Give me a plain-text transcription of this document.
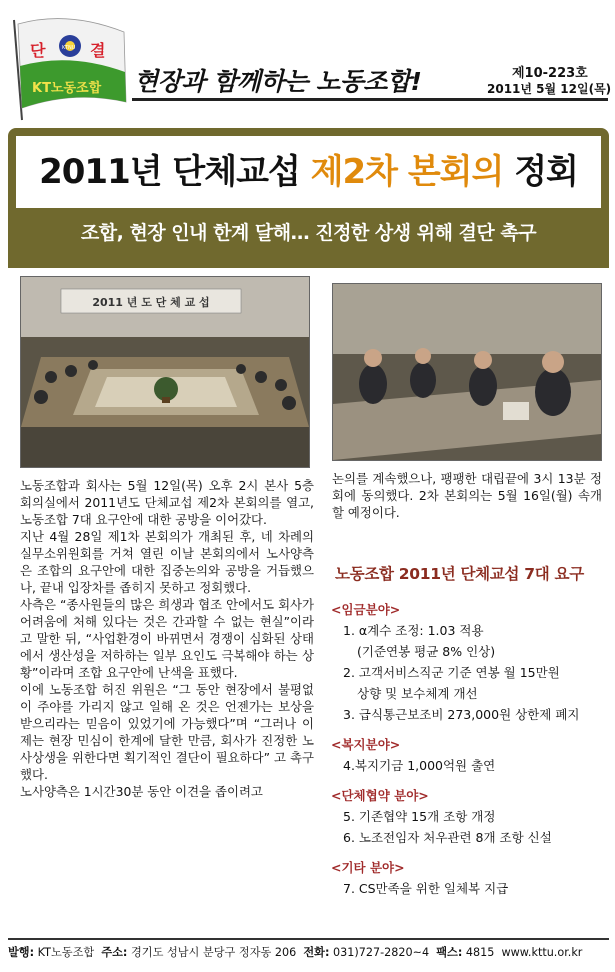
단	결
KTNU
KT노동조합 현장과 함께하는 노동조합!	제10-223호
2011년 5월 12일(목)
2011년 단체교섭 제2차 본회의 정회
조합, 현장 인내 한계 달해… 진정한 상생 위해 결단 촉구
2011 년 도 단 체 교 섭

노동조합과 회사는 5월 12일(목) 오후 2시 본사 5층 회의실에서 2011년도 단체교섭 제2차 본회의를 열고, 노동조합 7대 요구안에 대한 공방을 이어갔다.

지난 4월 28일 제1차 본회의가 개최된 후, 네 차례의 실무소위원회를 거쳐 열린 이날 본회의에서 노사양측은 조합의 요구안에 대한 집중논의와 공방을 거듭했으나, 끝내 입장차를 좁히지 못하고 정회했다.

사측은 “종사원들의 많은 희생과 협조 안에서도 회사가 어려움에 처해 있다는 것은 간과할 수 없는 현실”이라고 말한 뒤, “사업환경이 바뀌면서 경쟁이 심화된 상태에서 생산성을 저하하는 일부 요인도 극복해야 하는 상황”이라며 조합 요구안에 난색을 표했다.

이에 노동조합 허진 위원은 “그 동안 현장에서 불평없이 주야를 가리지 않고 일해 온 것은 언젠가는 보상을 받으리라는 믿음이 있었기에 가능했다”며 “그러나 이제는 현장 민심이 한계에 달한 만큼, 회사가 진정한 노사상생을 위한다면 획기적인 결단이 필요하다” 고 촉구했다.

노사양측은 1시간30분 동안 이견을 좁이려고

논의를 계속했으나, 팽팽한 대립끝에 3시 13분 정회에 동의했다. 2차 본회의는 5월 16일(월) 속개할 예정이다.
노동조합 2011년 단체교섭 7대 요구
<임금분야>
1. α계수 조정: 1.03 적용
(기준연봉 평균 8% 인상)
2. 고객서비스직군 기준 연봉 월 15만원
상향 및 보수체계 개선
3. 급식통근보조비 273,000원 상한제 폐지
<복지분야>
4.복지기금 1,000억원 출연
<단체협약 분야>
5. 기존협약 15개 조항 개정
6. 노조전임자 처우관련 8개 조항 신설
<기타 분야>
7. CS만족을 위한 일체복 지급
발행: KT노동조합 주소: 경기도 성남시 분당구 정자동 206 전화: 031)727-2820~4 팩스: 4815 www.kttu.or.kr
